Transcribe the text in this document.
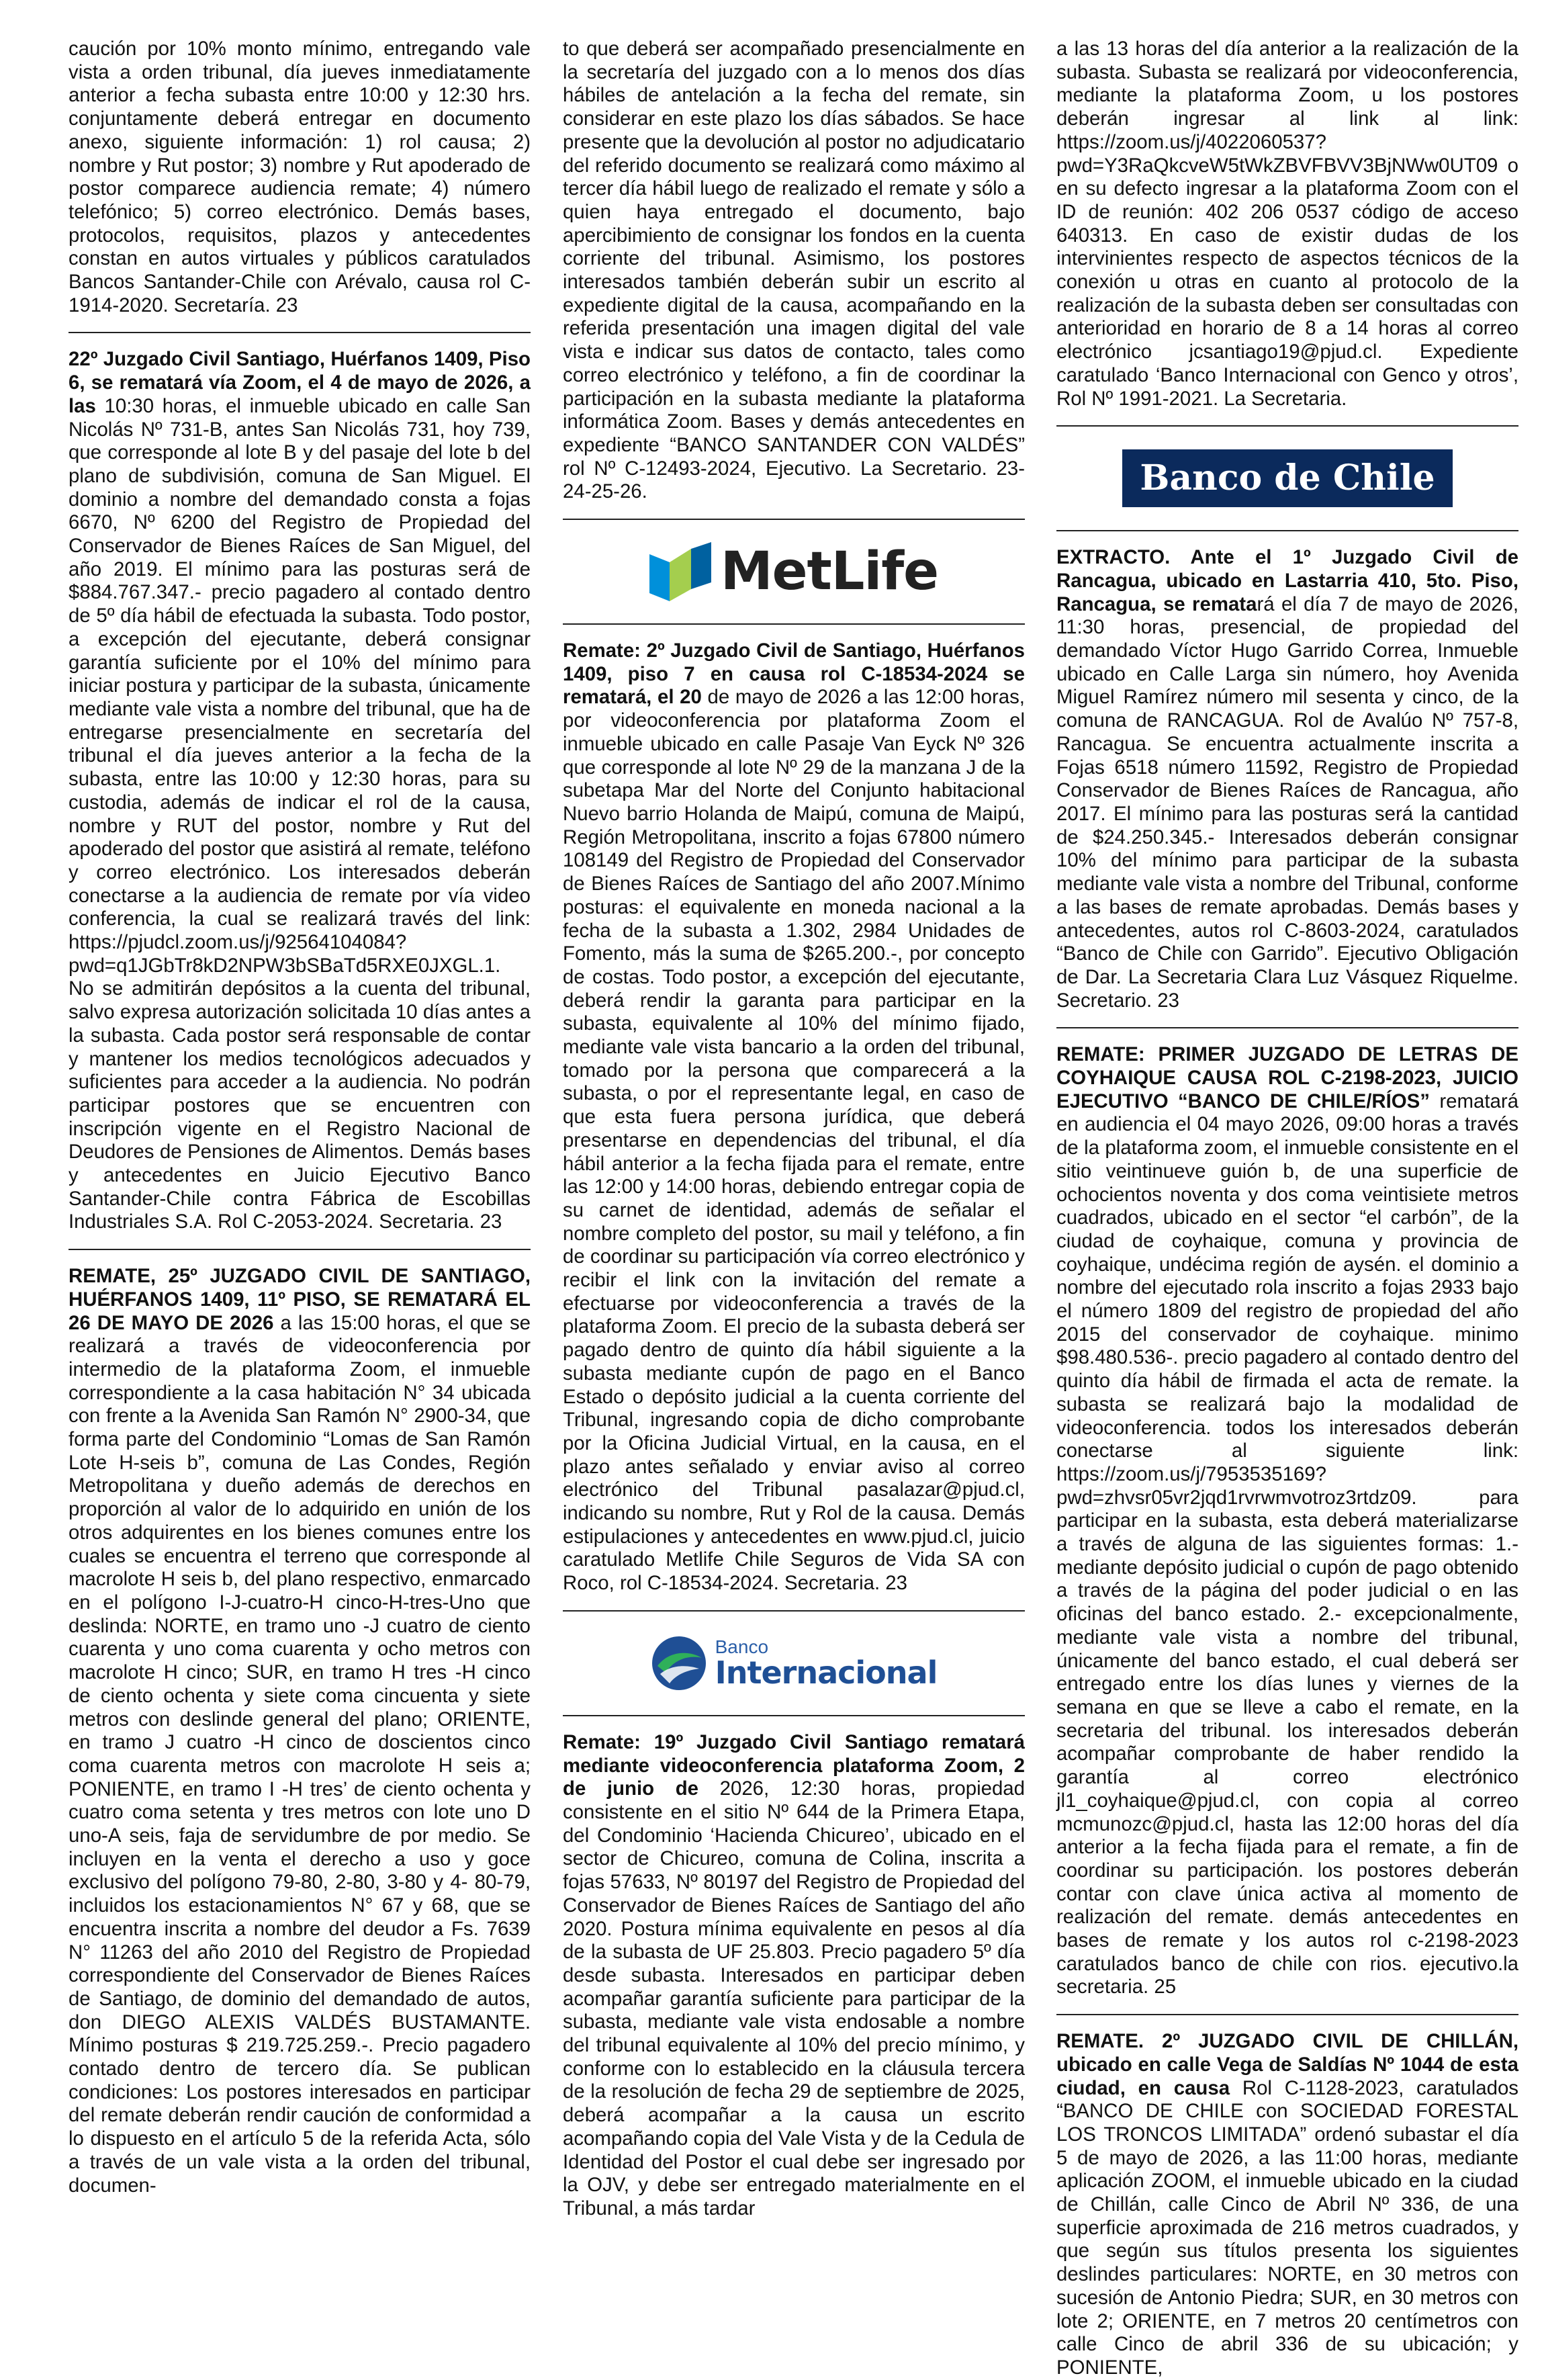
caución por 10% monto mínimo, entregando vale vista a orden tribunal, día jueves inmediatamente anterior a fecha subasta entre 10:00 y 12:30 hrs. conjuntamente deberá entregar en documento anexo, siguiente información: 1) rol causa; 2) nombre y Rut postor; 3) nombre y Rut apoderado de postor comparece audiencia remate; 4) número telefónico; 5) correo electrónico. Demás bases, protocolos, requisitos, plazos y antecedentes constan en autos virtuales y públicos caratulados Bancos Santander-Chile con Arévalo, causa rol C-1914-2020. Secretaría. 23

22º Juzgado Civil Santiago, Huérfanos 1409, Piso 6, se rematará vía Zoom, el 4 de mayo de 2026, a las 10:30 horas, el inmueble ubicado en calle San Nicolás Nº 731-B, antes San Nicolás 731, hoy 739, que corresponde al lote B y del pasaje del lote b del plano de subdivisión, comuna de San Miguel. El dominio a nombre del demandado consta a fojas 6670, Nº 6200 del Registro de Propiedad del Conservador de Bienes Raíces de San Miguel, del año 2019. El mínimo para las posturas será de $884.767.347.- precio pagadero al contado dentro de 5º día hábil de efectuada la subasta. Todo postor, a excepción del ejecutante, deberá consignar garantía suficiente por el 10% del mínimo para iniciar postura y participar de la subasta, únicamente mediante vale vista a nombre del tribunal, que ha de entregarse presencialmente en secretaría del tribunal el día jueves anterior a la fecha de la subasta, entre las 10:00 y 12:30 horas, para su custodia, además de indicar el rol de la causa, nombre y RUT del postor, nombre y Rut del apoderado del postor que asistirá al remate, teléfono y correo electrónico. Los interesados deberán conectarse a la audiencia de remate por vía video conferencia, la cual se realizará través del link: https://pjudcl.zoom.us/j/92564104084?pwd=q1JGbTr8kD2NPW3bSBaTd5RXE0JXGL.1. No se admitirán depósitos a la cuenta del tribunal, salvo expresa autorización solicitada 10 días antes a la subasta. Cada postor será responsable de contar y mantener los medios tecnológicos adecuados y suficientes para acceder a la audiencia. No podrán participar postores que se encuentren con inscripción vigente en el Registro Nacional de Deudores de Pensiones de Alimentos. Demás bases y antecedentes en Juicio Ejecutivo Banco Santander-Chile contra Fábrica de Escobillas Industriales S.A. Rol C-2053-2024. Secretaria. 23

REMATE, 25º JUZGADO CIVIL DE SANTIAGO, HUÉRFANOS 1409, 11º PISO, SE REMATARÁ EL 26 DE MAYO DE 2026 a las 15:00 horas, el que se realizará a través de videoconferencia por intermedio de la plataforma Zoom, el inmueble correspondiente a la casa habitación N° 34 ubicada con frente a la Avenida San Ramón N° 2900-34, que forma parte del Condominio “Lomas de San Ramón Lote H-seis b”, comuna de Las Condes, Región Metropolitana y dueño además de derechos en proporción al valor de lo adquirido en unión de los otros adquirentes en los bienes comunes entre los cuales se encuentra el terreno que corresponde al macrolote H seis b, del plano respectivo, enmarcado en el polígono I-J-cuatro-H cinco-H-tres-Uno que deslinda: NORTE, en tramo uno -J cuatro de ciento cuarenta y uno coma cuarenta y ocho metros con macrolote H cinco; SUR, en tramo H tres -H cinco de ciento ochenta y siete coma cincuenta y siete metros con deslinde general del plano; ORIENTE, en tramo J cuatro -H cinco de doscientos cinco coma cuarenta metros con macrolote H seis a; PONIENTE, en tramo I -H tres’ de ciento ochenta y cuatro coma setenta y tres metros con lote uno D uno-A seis, faja de servidumbre de por medio. Se incluyen en la venta el derecho a uso y goce exclusivo del polígono 79-80, 2-80, 3-80 y 4- 80-79, incluidos los estacionamientos N° 67 y 68, que se encuentra inscrita a nombre del deudor a Fs. 7639 N° 11263 del año 2010 del Registro de Propiedad correspondiente del Conservador de Bienes Raíces de Santiago, de dominio del demandado de autos, don DIEGO ALEXIS VALDÉS BUSTAMANTE. Mínimo posturas $ 219.725.259.-. Precio pagadero contado dentro de tercero día. Se publican condiciones: Los postores interesados en participar del remate deberán rendir caución de conformidad a lo dispuesto en el artículo 5 de la referida Acta, sólo a través de un vale vista a la orden del tribunal, documen-

to que deberá ser acompañado presencialmente en la secretaría del juzgado con a lo menos dos días hábiles de antelación a la fecha del remate, sin considerar en este plazo los días sábados. Se hace presente que la devolución al postor no adjudicatario del referido documento se realizará como máximo al tercer día hábil luego de realizado el remate y sólo a quien haya entregado el documento, bajo apercibimiento de consignar los fondos en la cuenta corriente del tribunal. Asimismo, los postores interesados también deberán subir un escrito al expediente digital de la causa, acompañando en la referida presentación una imagen digital del vale vista e indicar sus datos de contacto, tales como correo electrónico y teléfono, a fin de coordinar la participación en la subasta mediante la plataforma informática Zoom. Bases y demás antecedentes en expediente “BANCO SANTANDER CON VALDÉS” rol Nº C-12493-2024, Ejecutivo. La Secretario. 23-24-25-26.

MetLife

Remate: 2º Juzgado Civil de Santiago, Huérfanos 1409, piso 7 en causa rol C-18534-2024 se rematará, el 20 de mayo de 2026 a las 12:00 horas, por videoconferencia por plataforma Zoom el inmueble ubicado en calle Pasaje Van Eyck Nº 326 que corresponde al lote Nº 29 de la manzana J de la subetapa Mar del Norte del Conjunto habitacional Nuevo barrio Holanda de Maipú, comuna de Maipú, Región Metropolitana, inscrito a fojas 67800 número 108149 del Registro de Propiedad del Conservador de Bienes Raíces de Santiago del año 2007.Mínimo posturas: el equivalente en moneda nacional a la fecha de la subasta a 1.302, 2984 Unidades de Fomento, más la suma de $265.200.-, por concepto de costas. Todo postor, a excepción del ejecutante, deberá rendir la garanta para participar en la subasta, equivalente al 10% del mínimo fijado, mediante vale vista bancario a la orden del tribunal, tomado por la persona que comparecerá a la subasta, o por el representante legal, en caso de que esta fuera persona jurídica, que deberá presentarse en dependencias del tribunal, el día hábil anterior a la fecha fijada para el remate, entre las 12:00 y 14:00 horas, debiendo entregar copia de su carnet de identidad, además de señalar el nombre completo del postor, su mail y teléfono, a fin de coordinar su participación vía correo electrónico y recibir el link con la invitación del remate a efectuarse por videoconferencia a través de la plataforma Zoom. El precio de la subasta deberá ser pagado dentro de quinto día hábil siguiente a la subasta mediante cupón de pago en el Banco Estado o depósito judicial a la cuenta corriente del Tribunal, ingresando copia de dicho comprobante por la Oficina Judicial Virtual, en la causa, en el plazo antes señalado y enviar aviso al correo electrónico del Tribunal pasalazar@pjud.cl, indicando su nombre, Rut y Rol de la causa. Demás estipulaciones y antecedentes en www.pjud.cl, juicio caratulado Metlife Chile Seguros de Vida SA con Roco, rol C-18534-2024. Secretaria. 23

Banco
Internacional

Remate: 19º Juzgado Civil Santiago rematará mediante videoconferencia plataforma Zoom, 2 de junio de 2026, 12:30 horas, propiedad consistente en el sitio Nº 644 de la Primera Etapa, del Condominio ‘Hacienda Chicureo’, ubicado en el sector de Chicureo, comuna de Colina, inscrita a fojas 57633, Nº 80197 del Registro de Propiedad del Conservador de Bienes Raíces de Santiago del año 2020. Postura mínima equivalente en pesos al día de la subasta de UF 25.803. Precio pagadero 5º día desde subasta. Interesados en participar deben acompañar garantía suficiente para participar de la subasta, mediante vale vista endosable a nombre del tribunal equivalente al 10% del precio mínimo, y conforme con lo establecido en la cláusula tercera de la resolución de fecha 29 de septiembre de 2025, deberá acompañar a la causa un escrito acompañando copia del Vale Vista y de la Cedula de Identidad del Postor el cual debe ser ingresado por la OJV, y debe ser entregado materialmente en el Tribunal, a más tardar

a las 13 horas del día anterior a la realización de la subasta. Subasta se realizará por videoconferencia, mediante la plataforma Zoom, u los postores deberán ingresar al link al link: https://zoom.us/j/4022060537?pwd=Y3RaQkcveW5tWkZBVFBVV3BjNWw0UT09 o en su defecto ingresar a la plataforma Zoom con el ID de reunión: 402 206 0537 código de acceso 640313. En caso de existir dudas de los intervinientes respecto de aspectos técnicos de la conexión u otras en cuanto al protocolo de la realización de la subasta deben ser consultadas con anterioridad en horario de 8 a 14 horas al correo electrónico jcsantiago19@pjud.cl. Expediente caratulado ‘Banco Internacional con Genco y otros’, Rol Nº 1991-2021. La Secretaria.

Banco de Chile

EXTRACTO. Ante el 1º Juzgado Civil de Rancagua, ubicado en Lastarria 410, 5to. Piso, Rancagua, se rematará el día 7 de mayo de 2026, 11:30 horas, presencial, de propiedad del demandado Víctor Hugo Garrido Correa, Inmueble ubicado en Calle Larga sin número, hoy Avenida Miguel Ramírez número mil sesenta y cinco, de la comuna de RANCAGUA. Rol de Avalúo Nº 757-8, Rancagua. Se encuentra actualmente inscrita a Fojas 6518 número 11592, Registro de Propiedad Conservador de Bienes Raíces de Rancagua, año 2017. El mínimo para las posturas será la cantidad de $24.250.345.- Interesados deberán consignar 10% del mínimo para participar de la subasta mediante vale vista a nombre del Tribunal, conforme a las bases de remate aprobadas. Demás bases y antecedentes, autos rol C-8603-2024, caratulados “Banco de Chile con Garrido”. Ejecutivo Obligación de Dar. La Secretaria Clara Luz Vásquez Riquelme. Secretario. 23

REMATE: PRIMER JUZGADO DE LETRAS DE COYHAIQUE CAUSA ROL C-2198-2023, JUICIO EJECUTIVO “BANCO DE CHILE/RÍOS” rematará en audiencia el 04 mayo 2026, 09:00 horas a través de la plataforma zoom, el inmueble consistente en el sitio veintinueve guión b, de una superficie de ochocientos noventa y dos coma veintisiete metros cuadrados, ubicado en el sector “el carbón”, de la ciudad de coyhaique, comuna y provincia de coyhaique, undécima región de aysén. el dominio a nombre del ejecutado rola inscrito a fojas 2933 bajo el número 1809 del registro de propiedad del año 2015 del conservador de coyhaique. minimo $98.480.536-. precio pagadero al contado dentro del quinto día hábil de firmada el acta de remate. la subasta se realizará bajo la modalidad de videoconferencia. todos los interesados deberán conectarse al siguiente link: https://zoom.us/j/7953535169?pwd=zhvsr05vr2jqd1rvrwmvotroz3rtdz09. para participar en la subasta, esta deberá materializarse a través de alguna de las siguientes formas: 1.- mediante depósito judicial o cupón de pago obtenido a través de la página del poder judicial o en las oficinas del banco estado. 2.- excepcionalmente, mediante vale vista a nombre del tribunal, únicamente del banco estado, el cual deberá ser entregado entre los días lunes y viernes de la semana en que se lleve a cabo el remate, en la secretaria del tribunal. los interesados deberán acompañar comprobante de haber rendido la garantía al correo electrónico jl1_coyhaique@pjud.cl, con copia al correo mcmunozc@pjud.cl, hasta las 12:00 horas del día anterior a la fecha fijada para el remate, a fin de coordinar su participación. los postores deberán contar con clave única activa al momento de realización del remate. demás antecedentes en bases de remate y los autos rol c-2198-2023 caratulados banco de chile con rios. ejecutivo.la secretaria. 25

REMATE. 2º JUZGADO CIVIL DE CHILLÁN, ubicado en calle Vega de Saldías Nº 1044 de esta ciudad, en causa Rol C-1128-2023, caratulados “BANCO DE CHILE con SOCIEDAD FORESTAL LOS TRONCOS LIMITADA” ordenó subastar el día 5 de mayo de 2026, a las 11:00 horas, mediante aplicación ZOOM, el inmueble ubicado en la ciudad de Chillán, calle Cinco de Abril Nº 336, de una superficie aproximada de 216 metros cuadrados, y que según sus títulos presenta los siguientes deslindes particulares: NORTE, en 30 metros con sucesión de Antonio Piedra; SUR, en 30 metros con lote 2; ORIENTE, en 7 metros 20 centímetros con calle Cinco de abril 336 de su ubicación; y PONIENTE,
